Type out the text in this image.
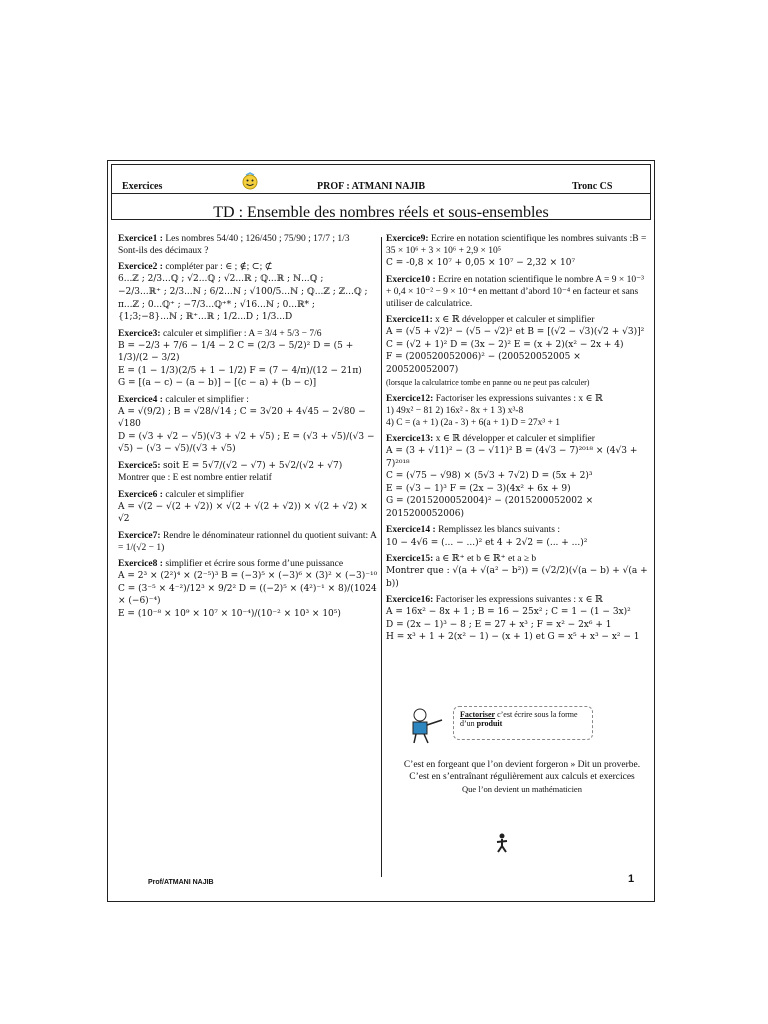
Exercices	PROF : ATMANI NAJIB	Tronc CS
TD : Ensemble des nombres réels et sous-ensembles
Exercice1 : Les nombres 54/40 ; 126/450 ; 75/90 ; 17/7 ; 1/3
Sont-ils des décimaux ?
Exercice2 : compléter par : ∈ ; ∉; ⊂; ⊄
6...ℤ ; 2/3...ℚ ; √2...ℚ ; √2...ℝ ; ℚ...ℝ ; ℕ...ℚ ;
−2/3...ℝ⁺ ; 2/3...ℕ ; 6/2...ℕ ; √100/5...ℕ ; ℚ...ℤ ; ℤ...ℚ ;
π...ℤ ; 0...ℚ⁺ ; −7/3...ℚ⁺* ; √16...ℕ ; 0...ℝ* ;
{1;3;−8}...ℕ ; ℝ⁺...ℝ ; 1/2...D ; 1/3...D
Exercice3: calculer et simplifier : A = 3/4 + 5/3 − 7/6
B = −2/3 + 7/6 − 1/4 − 2 C = (2/3 − 5/2)² D = (5 + 1/3)/(2 − 3/2)
E = (1 − 1/3)(2/5 + 1 − 1/2) F = (7 − 4/π)/(12 − 21π)
G = [(a − c) − (a − b)] − [(c − a) + (b − c)]
Exercice4 : calculer et simplifier :
A = √(9/2) ; B = √28/√14 ; C = 3√20 + 4√45 − 2√80 − √180
D = (√3 + √2 − √5)(√3 + √2 + √5) ; E = (√3 + √5)/(√3 − √5) − (√3 − √5)/(√3 + √5)
Exercice5: soit E = 5√7/(√2 − √7) + 5√2/(√2 + √7)
Montrer que : E est nombre entier relatif
Exercice6 : calculer et simplifier
A = √(2 − √(2 + √2)) × √(2 + √(2 + √2)) × √(2 + √2) × √2
Exercice7: Rendre le dénominateur rationnel du quotient suivant: A = 1/(√2 − 1)
Exercice8 : simplifier et écrire sous forme d’une puissance
A = 2³ × (2²)⁴ × (2⁻⁵)³ B = (−3)⁵ × (−3)⁶ × (3)² × (−3)⁻¹⁰
C = (3⁻⁵ × 4⁻²)/12³ × 9/2² D = ((−2)⁵ × (4²)⁻¹ × 8)/(1024 × (−6)⁻⁴)
E = (10⁻⁸ × 10⁹ × 10⁷ × 10⁻⁴)/(10⁻² × 10³ × 10⁵)
Exercice9: Ecrire en notation scientifique les nombres suivants :B = 35 × 10⁶ + 3 × 10⁶ + 2,9 × 10⁵
C = -0,8 × 10⁷ + 0,05 × 10⁷ − 2,32 × 10⁷
Exercice10 : Ecrire en notation scientifique le nombre A = 9 × 10⁻³ + 0,4 × 10⁻² − 9 × 10⁻⁴ en mettant d’abord 10⁻⁴ en facteur et sans utiliser de calculatrice.
Exercice11: x ∈ ℝ développer et calculer et simplifier
A = (√5 + √2)² − (√5 − √2)² et B = [(√2 − √3)(√2 + √3)]²
C = (√2 + 1)² D = (3x − 2)² E = (x + 2)(x² − 2x + 4)
F = (200520052006)² − (200520052005 × 200520052007)
(lorsque la calculatrice tombe en panne ou ne peut pas calculer)
Exercice12: Factoriser les expressions suivantes : x ∈ ℝ
1) 49x² − 81 2) 16x² - 8x + 1 3) x³-8
4) C = (a + 1) (2a - 3) + 6(a + 1) D = 27x³ + 1
Exercice13: x ∈ ℝ développer et calculer et simplifier
A = (3 + √11)² − (3 − √11)² B = (4√3 − 7)²⁰¹⁸ × (4√3 + 7)²⁰¹⁸
C = (√75 − √98) × (5√3 + 7√2) D = (5x + 2)³
E = (√3 − 1)³ F = (2x − 3)(4x² + 6x + 9)
G = (2015200052004)² − (2015200052002 × 2015200052006)
Exercice14 : Remplissez les blancs suivants :
10 − 4√6 = (... − ...)² et 4 + 2√2 = (... + ...)²
Exercice15: a ∈ ℝ⁺ et b ∈ ℝ⁺ et a ≥ b
Montrer que : √(a + √(a² − b²)) = (√2/2)(√(a − b) + √(a + b))
Exercice16: Factoriser les expressions suivantes : x ∈ ℝ
A = 16x² − 8x + 1 ; B = 16 − 25x² ; C = 1 − (1 − 3x)²
D = (2x − 1)³ − 8 ; E = 27 + x³ ; F = x² − 2x⁶ + 1
H = x³ + 1 + 2(x² − 1) − (x + 1) et G = x⁵ + x³ − x² − 1
Factoriser c’est écrire sous la forme d’un produit
C’est en forgeant que l’on devient forgeron » Dit un proverbe.
C’est en s’entraînant régulièrement aux calculs et exercices
Que l’on devient un mathématicien
Prof/ATMANI NAJIB	1
